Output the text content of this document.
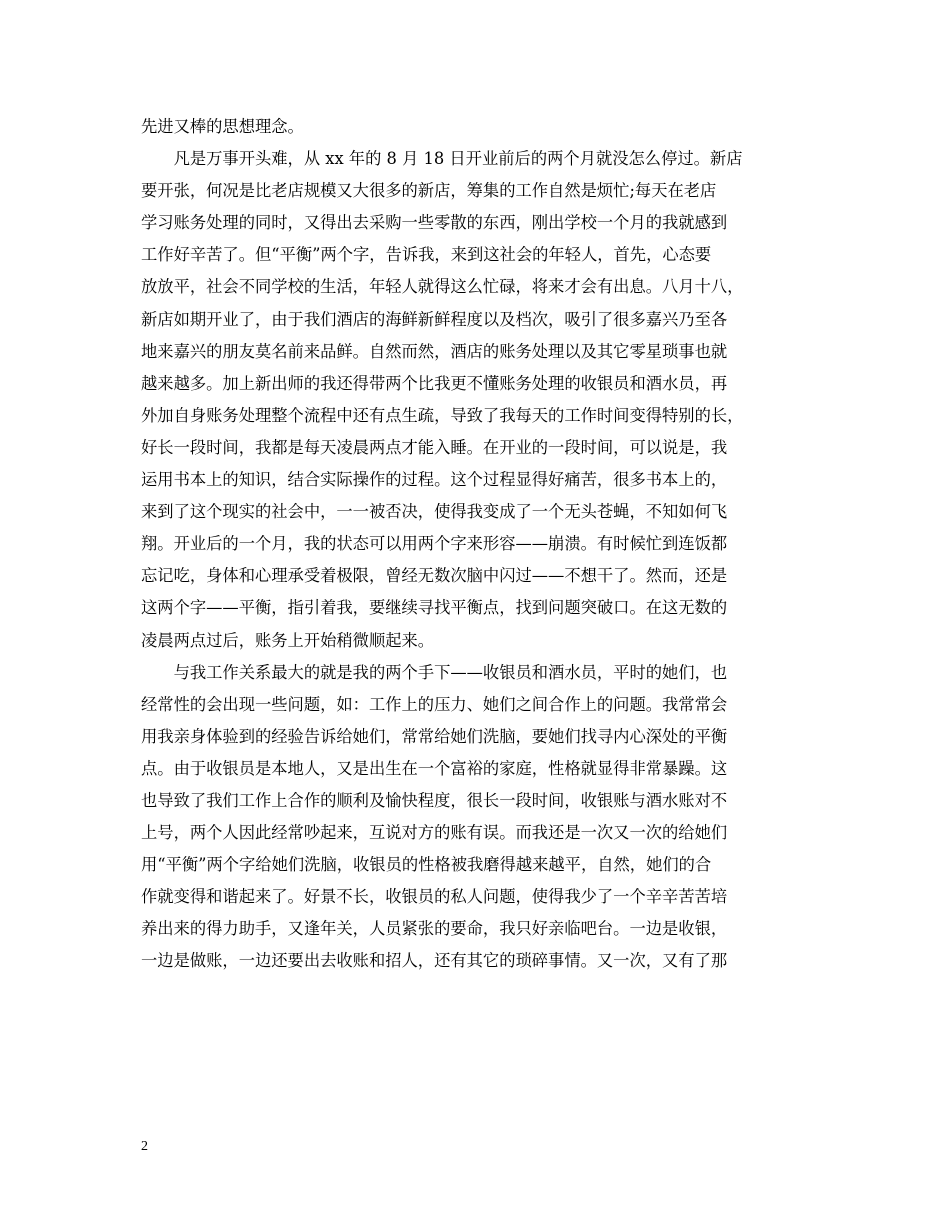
先进又棒的思想理念。
　　凡是万事开头难，从 xx 年的 8 月 18 日开业前后的两个月就没怎么停过。新店
要开张，何况是比老店规模又大很多的新店，筹集的工作自然是烦忙;每天在老店
学习账务处理的同时，又得出去采购一些零散的东西，刚出学校一个月的我就感到
工作好辛苦了。但“平衡”两个字，告诉我，来到这社会的年轻人，首先，心态要
放放平，社会不同学校的生活，年轻人就得这么忙碌，将来才会有出息。八月十八，
新店如期开业了，由于我们酒店的海鲜新鲜程度以及档次，吸引了很多嘉兴乃至各
地来嘉兴的朋友莫名前来品鲜。自然而然，酒店的账务处理以及其它零星琐事也就
越来越多。加上新出师的我还得带两个比我更不懂账务处理的收银员和酒水员，再
外加自身账务处理整个流程中还有点生疏，导致了我每天的工作时间变得特别的长，
好长一段时间，我都是每天凌晨两点才能入睡。在开业的一段时间，可以说是，我
运用书本上的知识，结合实际操作的过程。这个过程显得好痛苦，很多书本上的，
来到了这个现实的社会中，一一被否决，使得我变成了一个无头苍蝇，不知如何飞
翔。开业后的一个月，我的状态可以用两个字来形容——崩溃。有时候忙到连饭都
忘记吃，身体和心理承受着极限，曾经无数次脑中闪过——不想干了。然而，还是
这两个字——平衡，指引着我，要继续寻找平衡点，找到问题突破口。在这无数的
凌晨两点过后，账务上开始稍微顺起来。
　　与我工作关系最大的就是我的两个手下——收银员和酒水员，平时的她们，也
经常性的会出现一些问题，如：工作上的压力、她们之间合作上的问题。我常常会
用我亲身体验到的经验告诉给她们，常常给她们洗脑，要她们找寻内心深处的平衡
点。由于收银员是本地人，又是出生在一个富裕的家庭，性格就显得非常暴躁。这
也导致了我们工作上合作的顺利及愉快程度，很长一段时间，收银账与酒水账对不
上号，两个人因此经常吵起来，互说对方的账有误。而我还是一次又一次的给她们
用“平衡”两个字给她们洗脑，收银员的性格被我磨得越来越平，自然，她们的合
作就变得和谐起来了。好景不长，收银员的私人问题，使得我少了一个辛辛苦苦培
养出来的得力助手，又逢年关，人员紧张的要命，我只好亲临吧台。一边是收银，
一边是做账，一边还要出去收账和招人，还有其它的琐碎事情。又一次，又有了那
2
